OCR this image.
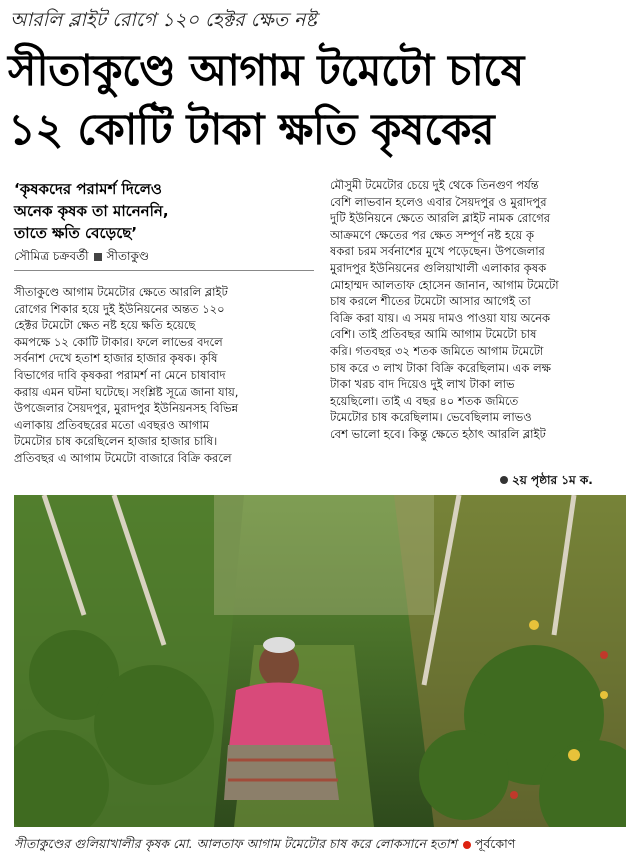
আরলি ব্লাইট রোগে ১২০ হেক্টর ক্ষেত নষ্ট
সীতাকুণ্ডে আগাম টমেটো চাষে
১২ কোটি টাকা ক্ষতি কৃষকের
‘কৃষকদের পরামর্শ দিলেও
অনেক কৃষক তা মানেননি,
তাতে ক্ষতি বেড়েছে’
সৌমিত্র চক্রবর্তী সীতাকুণ্ড
সীতাকুণ্ডে আগাম টমেটোর ক্ষেতে আরলি ব্লাইট
রোগের শিকার হয়ে দুই ইউনিয়নের অন্তত ১২০
হেক্টর টমেটো ক্ষেত নষ্ট হয়ে ক্ষতি হয়েছে
কমপক্ষে ১২ কোটি টাকার। ফলে লাভের বদলে
সর্বনাশ দেখে হতাশ হাজার হাজার কৃষক। কৃষি
বিভাগের দাবি কৃষকরা পরামর্শ না মেনে চাষাবাদ
করায় এমন ঘটনা ঘটেছে। সংশ্লিষ্ট সূত্রে জানা যায়,
উপজেলার সৈয়দপুর, মুরাদপুর ইউনিয়নসহ বিভিন্ন
এলাকায় প্রতিবছরের মতো এবছরও আগাম
টমেটোর চাষ করেছিলেন হাজার হাজার চাষি।
প্রতিবছর এ আগাম টমেটো বাজারে বিক্রি করলে
মৌসুমী টমেটোর চেয়ে দুই থেকে তিনগুণ পর্যন্ত
বেশি লাভবান হলেও এবার সৈয়দপুর ও মুরাদপুর
দুটি ইউনিয়নে ক্ষেতে আরলি ব্লাইট নামক রোগের
আক্রমণে ক্ষেতের পর ক্ষেত সম্পূর্ণ নষ্ট হয়ে কৃ
ষকরা চরম সর্বনাশের মুখে পড়েছেন। উপজেলার
মুরাদপুর ইউনিয়নের গুলিয়াখালী এলাকার কৃষক
মোহাম্মদ আলতাফ হোসেন জানান, আগাম টমেটো
চাষ করলে শীতের টমেটো আসার আগেই তা
বিক্রি করা যায়। এ সময় দামও পাওয়া যায় অনেক
বেশি। তাই প্রতিবছর আমি আগাম টমেটো চাষ
করি। গতবছর ৩২ শতক জমিতে আগাম টমেটো
চাষ করে ৩ লাখ টাকা বিক্রি করেছিলাম। এক লক্ষ
টাকা খরচ বাদ দিয়েও দুই লাখ টাকা লাভ
হয়েছিলো। তাই এ বছর ৪০ শতক জমিতে
টমেটোর চাষ করেছিলাম। ভেবেছিলাম লাভও
বেশ ভালো হবে। কিন্তু ক্ষেতে হঠাৎ আরলি ব্লাইট
২য় পৃষ্ঠার ১ম ক.
সীতাকুণ্ডের গুলিয়াখালীর কৃষক মো. আলতাফ আগাম টমেটোর চাষ করে লোকসানে হতাশ পূর্বকোণ
